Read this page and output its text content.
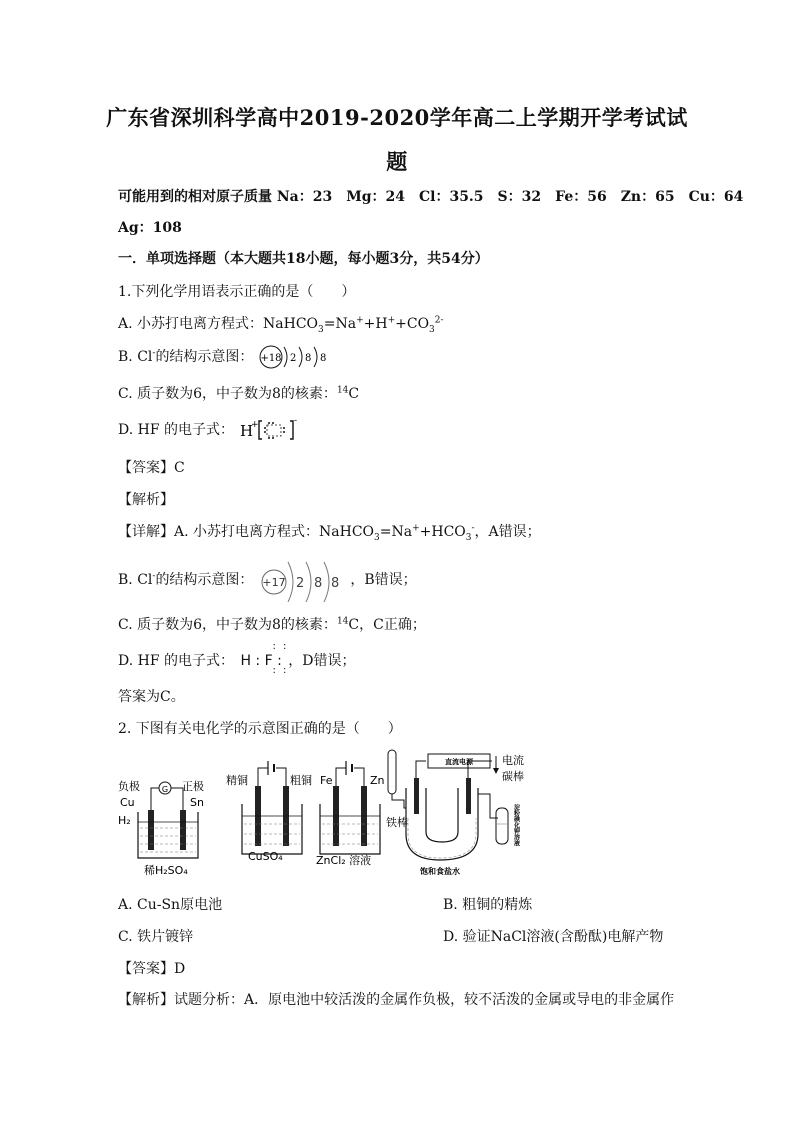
广东省深圳科学高中2019-2020学年高二上学期开学考试试
题
可能用到的相对原子质量 Na：23　Mg：24　Cl：35.5　S：32　Fe：56　Zn：65　Cu：64
Ag：108
一．单项选择题（本大题共18小题，每小题3分，共54分）
1.下列化学用语表示正确的是（　　）
A. 小苏打电离方程式：$NaHCO_3=Na^++H^++CO_3^{2-}$
B. Cl-的结构示意图： +18 2 8 8
C. 质子数为6，中子数为8的核素：$^{14}$C
D. HF 的电子式： H
+	-
【答案】C
【解析】
【详解】A. 小苏打电离方程式：$NaHCO_3=Na^++HCO_3^-$，A错误；
B. Cl-的结构示意图： +17 2 8 8 ，B错误；
C. 质子数为6，中子数为8的核素：$^{14}$C，C正确；
D. HF 的电子式：
: :
H : F :
: :
，D错误；
答案为C。
2. 下图有关电化学的示意图正确的是（　　）
负极	正极
Cu	Sn
H₂
G
稀H₂SO₄
精铜	粗铜
CuSO₄
Fe	Zn
ZnCl₂ 溶液
直流电源	电流
碳棒
铁棒	淀粉碘化钾溶液
饱和食盐水
A. Cu-Sn原电池	B. 粗铜的精炼
C. 铁片镀锌	D. 验证NaCl溶液(含酚酞)电解产物
【答案】D
【解析】试题分析：A．原电池中较活泼的金属作负极，较不活泼的金属或导电的非金属作
